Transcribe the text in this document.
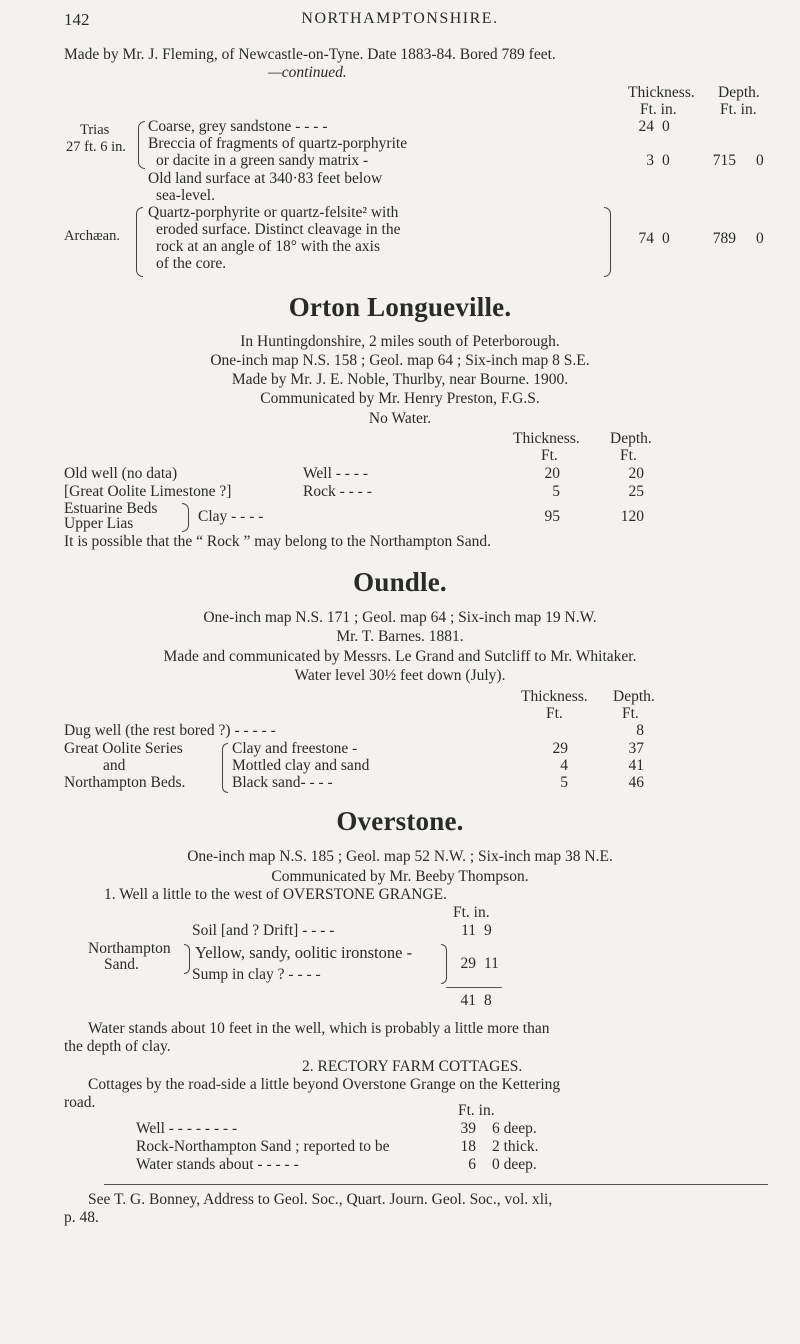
142	NORTHAMPTONSHIRE.
Made by Mr. J. Fleming, of Newcastle-on-Tyne. Date 1883-84. Bored 789 feet.
—continued.
Thickness. Depth.
Ft. in.	Ft. in.
Trias
27 ft. 6 in.
Coarse, grey sandstone - - - -	24 0
Breccia of fragments of quartz-porphyrite
or dacite in a green sandy matrix -	3 0	715 0
Old land surface at 340·83 feet below
sea-level.
Archæan.
Quartz-porphyrite or quartz-felsite² with
eroded surface. Distinct cleavage in the
rock at an angle of 18° with the axis
of the core.
74 0	789 0
Orton Longueville.
In Huntingdonshire, 2 miles south of Peterborough.
One-inch map N.S. 158 ; Geol. map 64 ; Six-inch map 8 S.E.
Made by Mr. J. E. Noble, Thurlby, near Bourne. 1900.
Communicated by Mr. Henry Preston, F.G.S.
No Water.
Thickness. Depth.
Ft.	Ft.
Old well (no data)	Well - - - -	20	20
[Great Oolite Limestone ?]	Rock - - - -	5	25
Estuarine Beds
Upper Lias	Clay - - - -	95	120
It is possible that the “ Rock ” may belong to the Northampton Sand.
Oundle.
One-inch map N.S. 171 ; Geol. map 64 ; Six-inch map 19 N.W.
Mr. T. Barnes. 1881.
Made and communicated by Messrs. Le Grand and Sutcliff to Mr. Whitaker.
Water level 30½ feet down (July).
Thickness. Depth.
Ft.	Ft.
Dug well (the rest bored ?) - - - - -	8
Great Oolite Series
and
Northampton Beds.
Clay and freestone -	29	37
Mottled clay and sand	4	41
Black sand- - - -	5	46
Overstone.
One-inch map N.S. 185 ; Geol. map 52 N.W. ; Six-inch map 38 N.E.
Communicated by Mr. Beeby Thompson.
1. Well a little to the west of OVERSTONE GRANGE.
Ft. in.
Soil [and ? Drift] - - - -	11 9
Northampton
Sand.
Yellow, sandy, oolitic ironstone -
Sump in clay ? - - - -
29 11
41 8
Water stands about 10 feet in the well, which is probably a little more than
the depth of clay.
2. RECTORY FARM COTTAGES.
Cottages by the road-side a little beyond Overstone Grange on the Kettering
road.	Ft. in.
Well - - - - - - - -	39 6 deep.
Rock-Northampton Sand ; reported to be	18 2 thick.
Water stands about - - - - -	6 0 deep.
See T. G. Bonney, Address to Geol. Soc., Quart. Journ. Geol. Soc., vol. xli,
p. 48.
